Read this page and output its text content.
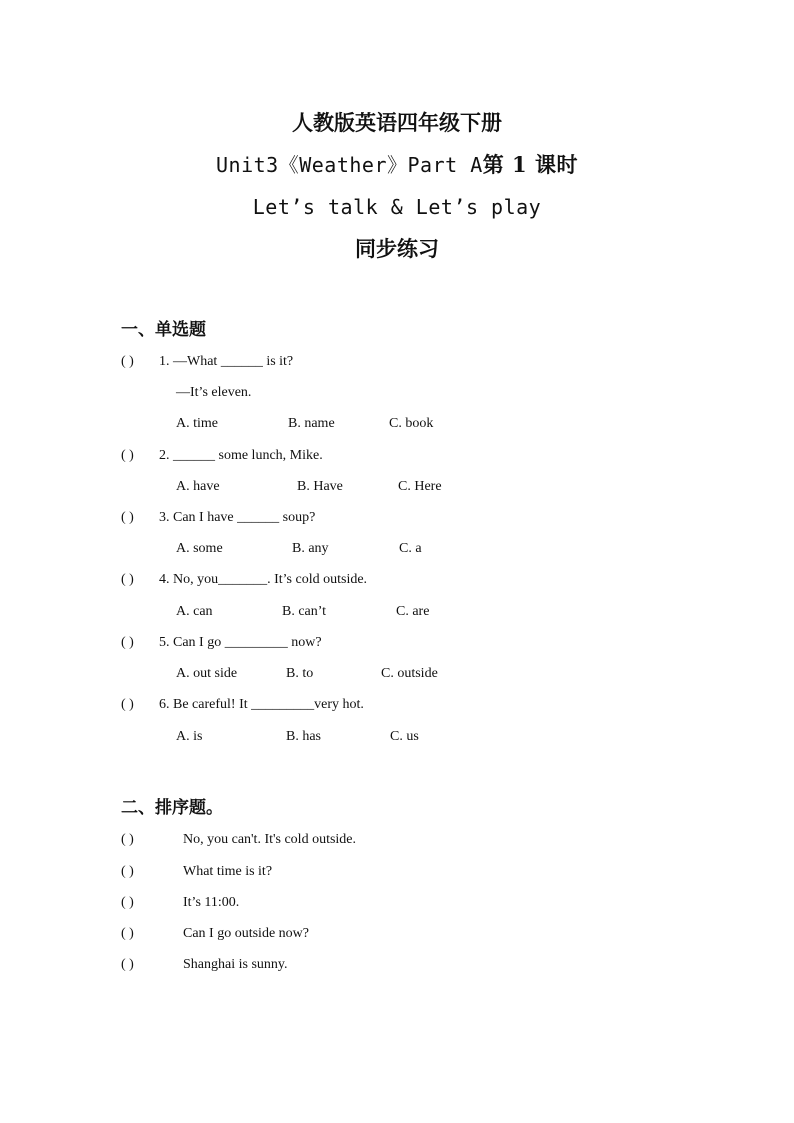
人教版英语四年级下册
Unit3《Weather》Part A第 1 课时
Let’s talk & Let’s play
同步练习
一、单选题
( ) 1. —What ______ is it?
—It’s eleven.
A. time	B. name	C. book
( ) 2. ______ some lunch, Mike.
A. have	B. Have	C. Here
( ) 3. Can I have ______ soup?
A. some	B. any	C. a
( ) 4. No, you_______. It’s cold outside.
A. can	B. can’t	C. are
( ) 5. Can I go _________ now?
A. out side	B. to	C. outside
( ) 6. Be careful! It _________very hot.
A. is	B. has	C. us
二、排序题。
( )	No, you can't. It's cold outside.
( )	What time is it?
( )	It’s 11:00.
( )	Can I go outside now?
( )	Shanghai is sunny.
